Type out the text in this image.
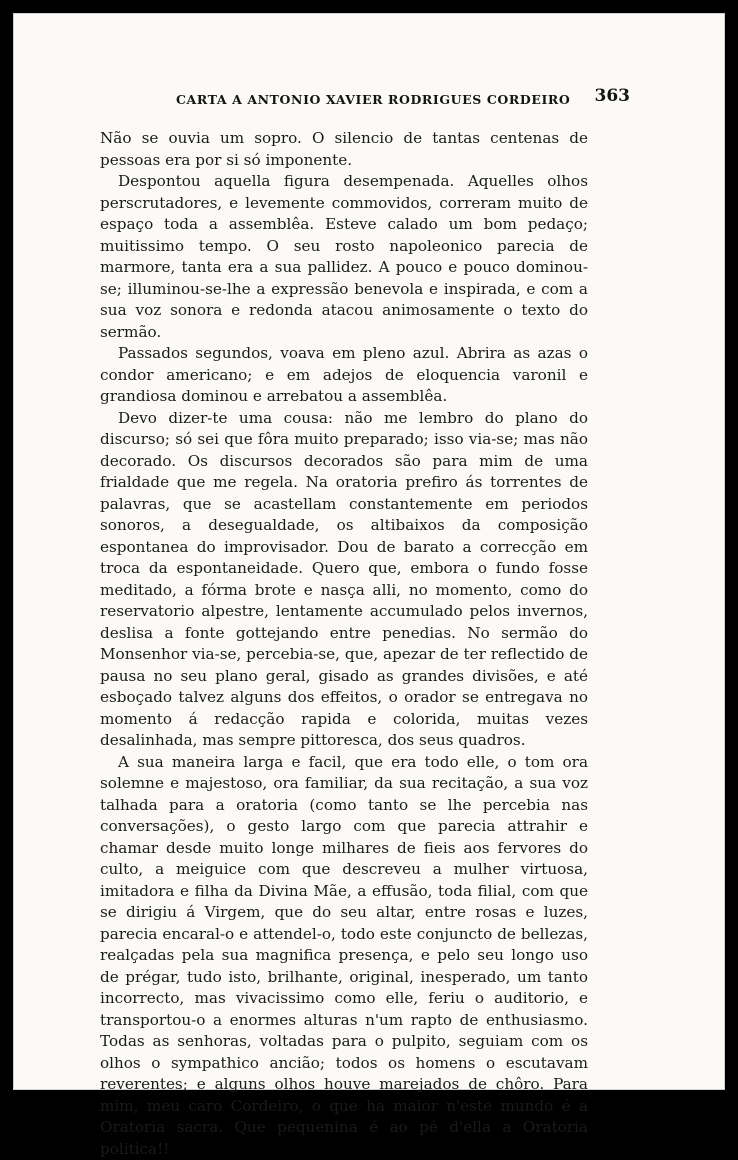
CARTA A ANTONIO XAVIER RODRIGUES CORDEIRO 363

Não se ouvia um sopro. O silencio de tantas centenas de pessoas era por si só imponente.

Despontou aquella figura desempenada. Aquelles olhos perscrutadores, e levemente commovidos, correram muito de espaço toda a assemblêa. Esteve calado um bom pedaço; muitissimo tempo. O seu rosto napoleonico parecia de marmore, tanta era a sua pallidez. A pouco e pouco dominou-se; illuminou-se-lhe a expressão benevola e inspirada, e com a sua voz sonora e redonda atacou animosamente o texto do sermão.

Passados segundos, voava em pleno azul. Abrira as azas o condor americano; e em adejos de eloquencia varonil e grandiosa dominou e arrebatou a assemblêa.

Devo dizer-te uma cousa: não me lembro do plano do discurso; só sei que fôra muito preparado; isso via-se; mas não decorado. Os discursos decorados são para mim de uma frialdade que me regela. Na oratoria prefiro ás torrentes de palavras, que se acastellam constantemente em periodos sonoros, a desegualdade, os altibaixos da composição espontanea do improvisador. Dou de barato a correcção em troca da espontaneidade. Quero que, embora o fundo fosse meditado, a fórma brote e nasça alli, no momento, como do reservatorio alpestre, lentamente accumulado pelos invernos, deslisa a fonte gottejando entre penedias. No sermão do Monsenhor via-se, percebia-se, que, apezar de ter reflectido de pausa no seu plano geral, gisado as grandes divisões, e até esboçado talvez alguns dos effeitos, o orador se entregava no momento á redacção rapida e colorida, muitas vezes desalinhada, mas sempre pittoresca, dos seus quadros.

A sua maneira larga e facil, que era todo elle, o tom ora solemne e majestoso, ora familiar, da sua recitação, a sua voz talhada para a oratoria (como tanto se lhe percebia nas conversações), o gesto largo com que parecia attrahir e chamar desde muito longe milhares de fieis aos fervores do culto, a meiguice com que descreveu a mulher virtuosa, imitadora e filha da Divina Mãe, a effusão, toda filial, com que se dirigiu á Virgem, que do seu altar, entre rosas e luzes, parecia encaral-o e attendel-o, todo este conjuncto de bellezas, realçadas pela sua magnifica presença, e pelo seu longo uso de prégar, tudo isto, brilhante, original, inesperado, um tanto incorrecto, mas vivacissimo como elle, feriu o auditorio, e transportou-o a enormes alturas n'um rapto de enthusiasmo. Todas as senhoras, voltadas para o pulpito, seguiam com os olhos o sympathico ancião; todos os homens o escutavam reverentes; e alguns olhos houve marejados de chôro. Para mim, meu caro Cordeiro, o que ha maior n'este mundo é a Oratoria sacra. Que pequenina é ao pé d'ella a Oratoria politica!!
